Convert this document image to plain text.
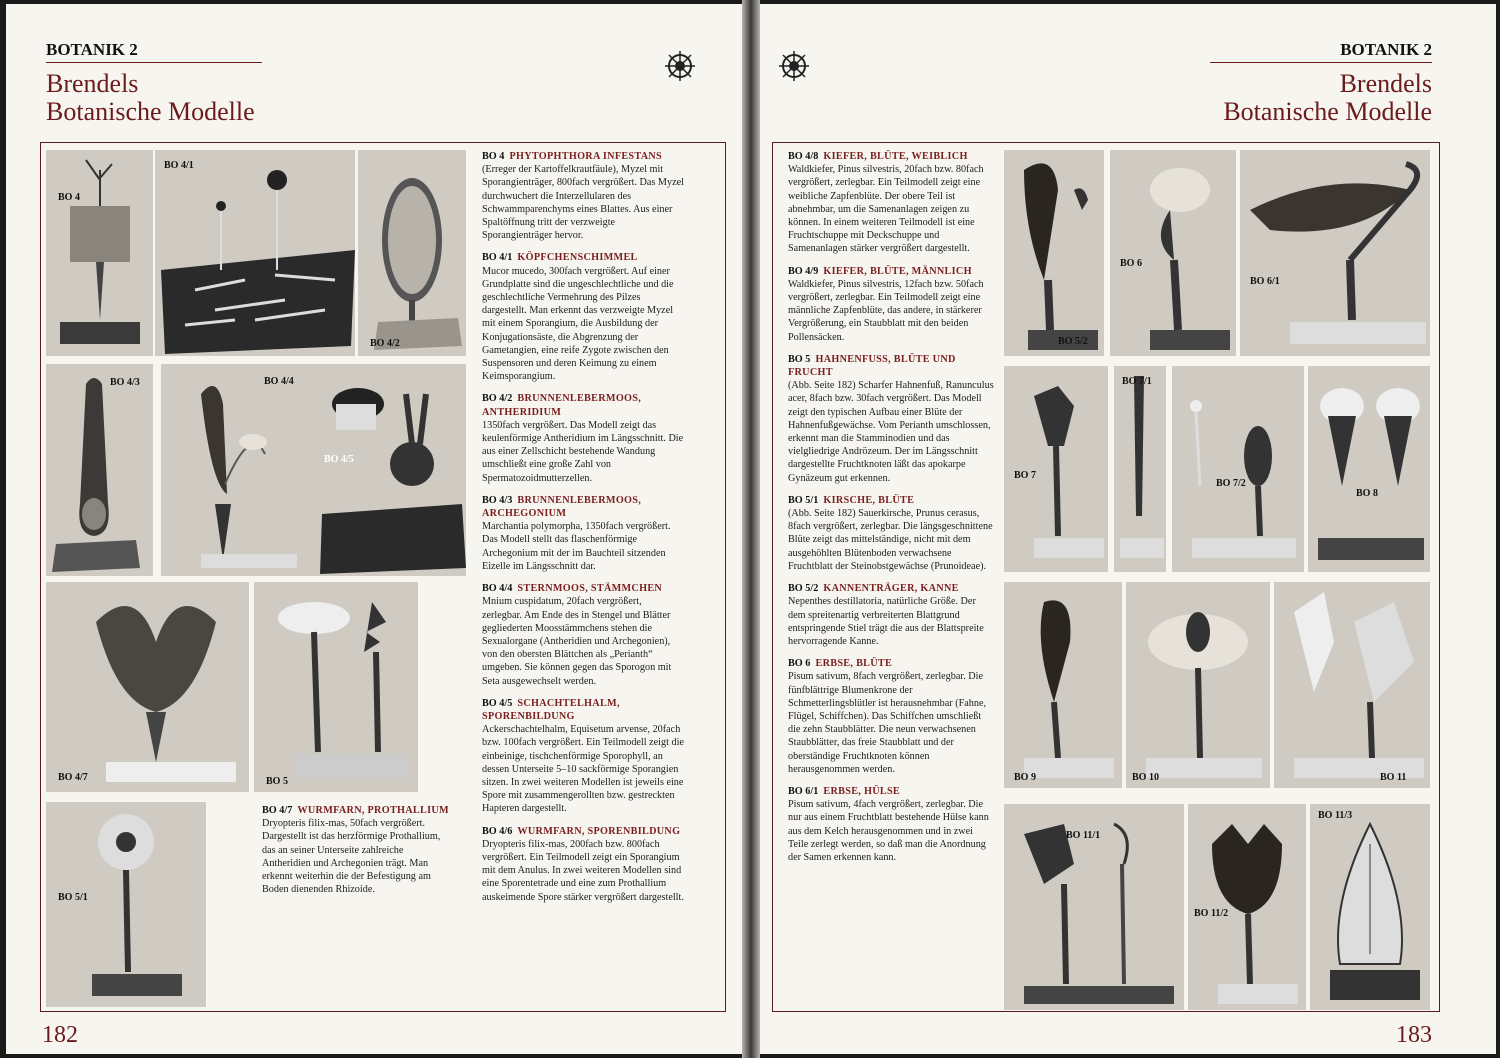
BOTANIK 2
Brendels
Botanische Modelle
BO 4
BO 4/1
BO 4/2
BO 4/3	BO 4/4
BO 4/5
BO 4/7	BO 5
BO 5/1

BO 4/7 WURMFARN, PROTHALLIUM

Dryopteris filix-mas, 50fach vergrößert. Dargestellt ist das herzförmige Prothallium, das an seiner Unterseite zahlreiche Antheridien und Archegonien trägt. Man erkennt weiterhin die der Befestigung am Boden dienenden Rhizoide.

BO 4 PHYTOPHTHORA INFESTANS

(Erreger der Kartoffelkrautfäule), Myzel mit Sporangienträger, 800fach vergrößert. Das Myzel durchwuchert die Interzellularen des Schwammparenchyms eines Blattes. Aus einer Spaltöffnung tritt der verzweigte Sporangienträger hervor.

BO 4/1 KÖPFCHENSCHIMMEL

Mucor mucedo, 300fach vergrößert. Auf einer Grundplatte sind die ungeschlechtliche und die geschlechtliche Vermehrung des Pilzes dargestellt. Man erkennt das verzweigte Myzel mit einem Sporangium, die Ausbildung der Konjugationsäste, die Abgrenzung der Gametangien, eine reife Zygote zwischen den Suspensoren und deren Keimung zu einem Keimsporangium.

BO 4/2 BRUNNENLEBERMOOS, ANTHERIDIUM

1350fach vergrößert. Das Modell zeigt das keulenförmige Antheridium im Längsschnitt. Die aus einer Zellschicht bestehende Wandung umschließt eine große Zahl von Spermatozoidmutterzellen.

BO 4/3 BRUNNENLEBERMOOS, ARCHEGONIUM

Marchantia polymorpha, 1350fach vergrößert. Das Modell stellt das flaschenförmige Archegonium mit der im Bauchteil sitzenden Eizelle im Längsschnitt dar.

BO 4/4 STERNMOOS, STÄMMCHEN

Mnium cuspidatum, 20fach vergrößert, zerlegbar. Am Ende des in Stengel und Blätter gegliederten Moosstämmchens stehen die Sexualorgane (Antheridien und Archegonien), von den obersten Blättchen als „Perianth“ umgeben. Sie können gegen das Sporogon mit Seta ausgewechselt werden.

BO 4/5 SCHACHTELHALM, SPORENBILDUNG

Ackerschachtelhalm, Equisetum arvense, 20fach bzw. 100fach vergrößert. Ein Teilmodell zeigt die einbeinige, tischchenförmige Sporophyll, an dessen Unterseite 5–10 sackförmige Sporangien sitzen. In zwei weiteren Modellen ist jeweils eine Spore mit zusammengerollten bzw. gestreckten Hapteren dargestellt.

BO 4/6 WURMFARN, SPORENBILDUNG

Dryopteris filix-mas, 200fach bzw. 800fach vergrößert. Ein Teilmodell zeigt ein Sporangium mit dem Anulus. In zwei weiteren Modellen sind eine Sporentetrade und eine zum Prothallium auskeimende Spore stärker vergrößert dargestellt.

182
BOTANIK 2
Brendels
Botanische Modelle

BO 4/8 KIEFER, BLÜTE, WEIBLICH

Waldkiefer, Pinus silvestris, 20fach bzw. 80fach vergrößert, zerlegbar. Ein Teilmodell zeigt eine weibliche Zapfenblüte. Der obere Teil ist abnehmbar, um die Samenanlagen zeigen zu können. In einem weiteren Teilmodell ist eine Fruchtschuppe mit Deckschuppe und Samenanlagen stärker vergrößert dargestellt.

BO 4/9 KIEFER, BLÜTE, MÄNNLICH

Waldkiefer, Pinus silvestris, 12fach bzw. 50fach vergrößert, zerlegbar. Ein Teilmodell zeigt eine männliche Zapfenblüte, das andere, in stärkerer Vergrößerung, ein Staubblatt mit den beiden Pollensäcken.

BO 5 HAHNENFUSS, BLÜTE UND FRUCHT

(Abb. Seite 182) Scharfer Hahnenfuß, Ranunculus acer, 8fach bzw. 30fach vergrößert. Das Modell zeigt den typischen Aufbau einer Blüte der Hahnenfußgewächse. Vom Perianth umschlossen, erkennt man die Stamminodien und das vielgliedrige Andrözeum. Der im Längsschnitt dargestellte Fruchtknoten läßt das apokarpe Gynäzeum gut erkennen.

BO 5/1 KIRSCHE, BLÜTE

(Abb. Seite 182) Sauerkirsche, Prunus cerasus, 8fach vergrößert, zerlegbar. Die längsgeschnittene Blüte zeigt das mittelständige, nicht mit dem ausgehöhlten Blütenboden verwachsene Fruchtblatt der Steinobstgewächse (Prunoideae).

BO 5/2 KANNENTRÄGER, KANNE

Nepenthes destillatoria, natürliche Größe. Der dem spreitenartig verbreiterten Blattgrund entspringende Stiel trägt die aus der Blattspreite hervorragende Kanne.

BO 6 ERBSE, BLÜTE

Pisum sativum, 8fach vergrößert, zerlegbar. Die fünfblättrige Blumenkrone der Schmetterlingsblütler ist herausnehmbar (Fahne, Flügel, Schiffchen). Das Schiffchen umschließt die zehn Staubblätter. Die neun verwachsenen Staubblätter, das freie Staubblatt und der oberständige Fruchtknoten können herausgenommen werden.

BO 6/1 ERBSE, HÜLSE

Pisum sativum, 4fach vergrößert, zerlegbar. Die nur aus einem Fruchtblatt bestehende Hülse kann aus dem Kelch herausgenommen und in zwei Teile zerlegt werden, so daß man die Anordnung der Samen erkennen kann.

BO 5/2
BO 6
BO 6/1
BO 7
BO 7/1
BO 7/2
BO 8
BO 9	BO 10	BO 11
BO 11/1
BO 11/2
BO 11/3
183
